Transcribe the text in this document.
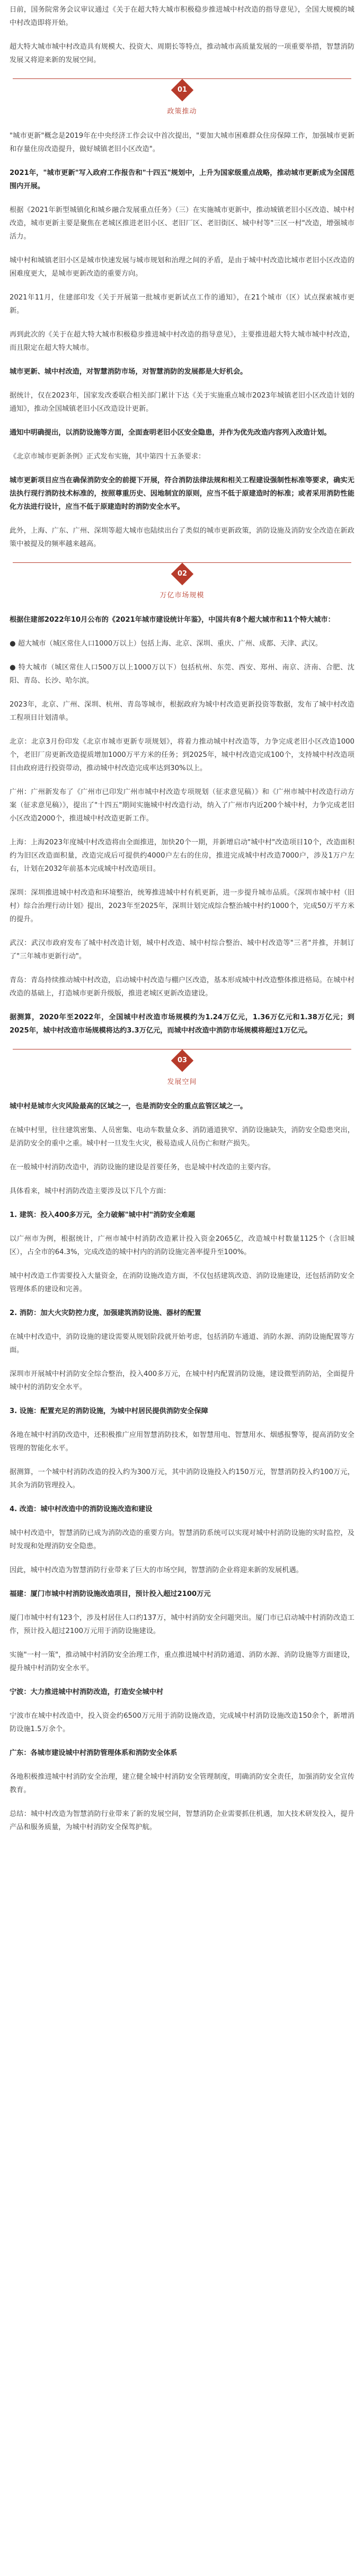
日前，国务院常务会议审议通过《关于在超大特大城市积极稳步推进城中村改造的指导意见》，全国大规模的城中村改造即将开始。

超大特大城市城中村改造具有规模大、投资大、周期长等特点，推动城市高质量发展的一项重要举措，智慧消防发展又将迎来新的发展空间。

01
政策推动

"城市更新"概念是2019年在中央经济工作会议中首次提出，"要加大城市困难群众住房保障工作，加强城市更新和存量住房改造提升，做好城镇老旧小区改造"。

2021年，"城市更新"写入政府工作报告和"十四五"规划中，上升为国家级重点战略，推动城市更新成为全国范围内开展。

根据《2021年新型城镇化和城乡融合发展重点任务》（三）在实施城市更新中，推动城镇老旧小区改造、城中村改造，城市更新主要是聚焦在老城区推进老旧小区、老旧厂区、老旧街区、城中村等"三区一村"改造，增强城市活力。

城中村和城镇老旧小区是城市快速发展与城市规划和治理之间的矛盾，是由于城中村改造比城市老旧小区改造的困难度更大，是城市更新改造的重要方向。

2021年11月，住建部印发《关于开展第一批城市更新试点工作的通知》，在21个城市（区）试点探索城市更新。

再到此次的《关于在超大特大城市积极稳步推进城中村改造的指导意见》，主要推进超大特大城市城中村改造，而且限定在超大特大城市。

城市更新、城中村改造，对智慧消防市场，对智慧消防的发展都是大好机会。

据统计，仅在2023年，国家发改委联合相关部门累计下达《关于实施重点城市2023年城镇老旧小区改造计划的通知》，推动全国城镇老旧小区改造设计更新。

通知中明确提出，以消防设施等方面，全面查明老旧小区安全隐患，并作为优先改造内容列入改造计划。

《北京市城市更新条例》正式发布实施，其中第四十五条要求：

城市更新项目应当在确保消防安全的前提下开展，符合消防法律法规和相关工程建设强制性标准等要求，确实无法执行现行消防技术标准的，按照尊重历史、因地制宜的原则，应当不低于原建造时的标准；或者采用消防性能化方法进行设计，应当不低于原建造时的消防安全水平。

此外，上海、广东、广州、深圳等超大城市也陆续出台了类似的城市更新政策，消防设施及消防安全改造在新政策中被提及的频率越来越高。

02
万亿市场规模

根据住建部2022年10月公布的《2021年城市建设统计年鉴》，中国共有8个超大城市和11个特大城市：

● 超大城市（城区常住人口1000万以上）包括上海、北京、深圳、重庆、广州、成都、天津、武汉。

● 特大城市（城区常住人口500万以上1000万以下）包括杭州、东莞、西安、郑州、南京、济南、合肥、沈阳、青岛、长沙、哈尔滨。

2023年，北京、广州、深圳、杭州、青岛等城市，根据政府为城中村改造更新投资等数据，发布了城中村改造工程项目计划清单。

北京：北京3月份印发《北京市城市更新专项规划》，将着力推动城中村改造等，力争完成老旧小区改造1000个，老旧厂房更新改造提质增加1000万平方米的任务；到2025年，城中村改造完成100个，支持城中村改造项目由政府进行投资带动，推动城中村改造完成率达到30%以上。

广州：广州新发布了《广州市已印发广州市城中村改造专项规划（征求意见稿）》和《广州市城中村改造行动方案（征求意见稿）》，提出了"十四五"期间实施城中村改造行动，纳入了广州市内近200个城中村，力争完成老旧小区改造2000个，推进城中村改造更新工作。

上海：上海2023年度城中村改造将由全面推进，加快20个一期，并新增启动"城中村"改造项目10个，改造面积约为旧区改造面积量，改造完成后可提供约4000户左右的住房，推进完成城中村改造7000户，涉及1万户左右，计划在2032年前基本完成城中村改造项目。

深圳：深圳推进城中村改造和环境整治，统筹推进城中村有机更新，进一步提升城市品质。《深圳市城中村（旧村）综合治理行动计划》提出，2023年至2025年，深圳计划完成综合整治城中村约1000个，完成50万平方米的提升。

武汉：武汉市政府发布了城中村改造计划，城中村改造、城中村综合整治、城中村改造等"三者"并推，并制订了"三年城市更新行动"。

青岛：青岛持续推动城中村改造，启动城中村改造与棚户区改造，基本形成城中村改造整体推进格局。在城中村改造的基础上，打造城市更新升级版，推进老城区更新改造建设。

据测算，2020年至2022年，全国城中村改造市场规模约为1.24万亿元，1.36万亿元和1.38万亿元；到2025年，城中村改造市场规模将达约3.3万亿元，而城中村改造中消防市场规模将超过1万亿元。

03
发展空间

城中村是城市火灾风险最高的区域之一，也是消防安全的重点监管区域之一。

在城中村里，往往建筑密集、人员密集、电动车数量众多、消防通道狭窄、消防设施缺失，消防安全隐患突出，是消防安全的重中之重。城中村一旦发生火灾，极易造成人员伤亡和财产损失。

在一般城中村消防改造中，消防设施的建设是首要任务，也是城中村改造的主要内容。

具体看来，城中村消防改造主要涉及以下几个方面：

1. 建筑：投入400多万元，全力破解"城中村"消防安全难题

以广州市为例，根据统计，广州市城中村消防改造累计投入资金2065亿，改造城中村数量1125个（含旧城区），占全市的64.3%，完成改造的城中村内的消防设施完善率提升至100%。

城中村改造工作需要投入大量资金，在消防设施改造方面，不仅包括建筑改造、消防设施建设，还包括消防安全管理体系的建设和完善。

2. 消防：加大火灾防控力度，加强建筑消防设施、器材的配置

在城中村改造中，消防设施的建设需要从规划阶段就开始考虑，包括消防车通道、消防水源、消防设施配置等方面。

深圳市开展城中村消防安全综合整治，投入400多万元，在城中村内配置消防设施，建设微型消防站，全面提升城中村的消防安全水平。

3. 设施：配置充足的消防设施，为城中村居民提供消防安全保障

各地在城中村消防改造中，还积极推广应用智慧消防技术，如智慧用电、智慧用水、烟感报警等，提高消防安全管理的智能化水平。

据测算，一个城中村消防改造的投入约为300万元，其中消防设施投入约150万元，智慧消防投入约100万元，其余为消防管理投入。

4. 改造：城中村改造中的消防设施改造和建设

城中村改造中，智慧消防已成为消防改造的重要方向。智慧消防系统可以实现对城中村消防设施的实时监控，及时发现和处理消防安全隐患。

因此，城中村改造为智慧消防行业带来了巨大的市场空间，智慧消防企业将迎来新的发展机遇。

福建：厦门市城中村消防设施改造项目，预计投入超过2100万元

厦门市城中村有123个，涉及村居住人口约137万，城中村消防安全问题突出。厦门市已启动城中村消防改造工作，预计投入超过2100万元用于消防设施建设。

实施"一村一策"，推动城中村消防安全治理工作，重点推进城中村消防通道、消防水源、消防设施等方面建设，提升城中村消防安全水平。

宁波：大力推进城中村消防改造，打造安全城中村

宁波市在城中村改造中，投入资金约6500万元用于消防设施改造，完成城中村消防设施改造150余个，新增消防设施1.5万余个。

广东：各城市建设城中村消防管理体系和消防安全体系

各地积极推进城中村消防安全治理，建立健全城中村消防安全管理制度，明确消防安全责任，加强消防安全宣传教育。

总结：城中村改造为智慧消防行业带来了新的发展空间，智慧消防企业需要抓住机遇，加大技术研发投入，提升产品和服务质量，为城中村消防安全保驾护航。
